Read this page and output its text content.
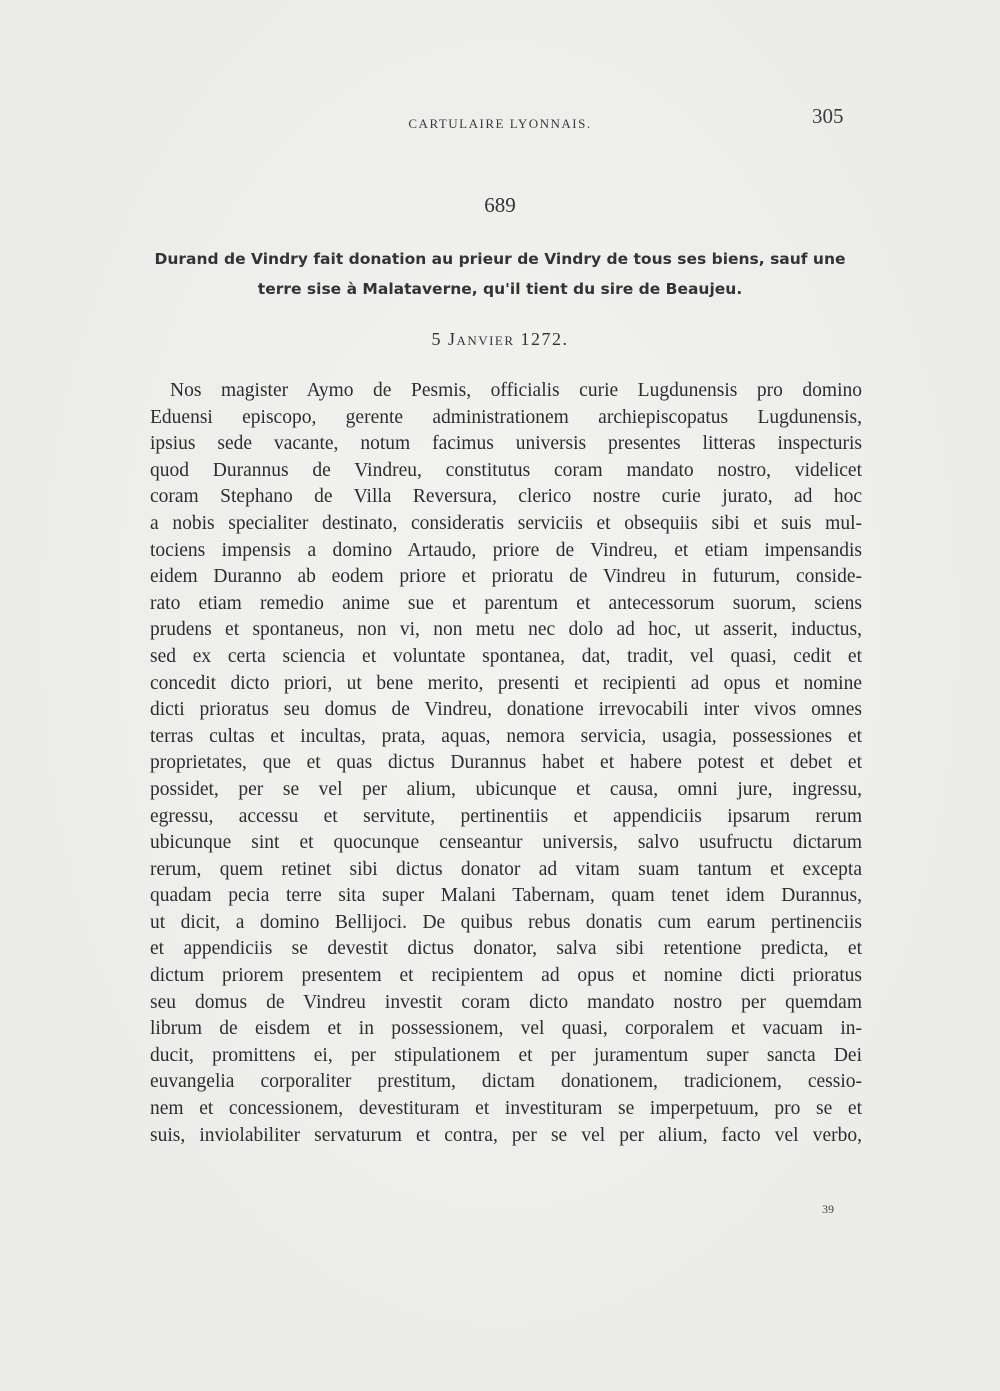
CARTULAIRE LYONNAIS.	305
689
Durand de Vindry fait donation au prieur de Vindry de tous ses biens, sauf une
terre sise à Malataverne, qu'il tient du sire de Beaujeu.
5 Janvier 1272.
Nos magister Aymo de Pesmis, officialis curie Lugdunensis pro domino
Eduensi episcopo, gerente administrationem archiepiscopatus Lugdunensis,
ipsius sede vacante, notum facimus universis presentes litteras inspecturis
quod Durannus de Vindreu, constitutus coram mandato nostro, videlicet
coram Stephano de Villa Reversura, clerico nostre curie jurato, ad hoc
a nobis specialiter destinato, consideratis serviciis et obsequiis sibi et suis mul-
tociens impensis a domino Artaudo, priore de Vindreu, et etiam impensandis
eidem Duranno ab eodem priore et prioratu de Vindreu in futurum, conside-
rato etiam remedio anime sue et parentum et antecessorum suorum, sciens
prudens et spontaneus, non vi, non metu nec dolo ad hoc, ut asserit, inductus,
sed ex certa sciencia et voluntate spontanea, dat, tradit, vel quasi, cedit et
concedit dicto priori, ut bene merito, presenti et recipienti ad opus et nomine
dicti prioratus seu domus de Vindreu, donatione irrevocabili inter vivos omnes
terras cultas et incultas, prata, aquas, nemora servicia, usagia, possessiones et
proprietates, que et quas dictus Durannus habet et habere potest et debet et
possidet, per se vel per alium, ubicunque et causa, omni jure, ingressu,
egressu, accessu et servitute, pertinentiis et appendiciis ipsarum rerum
ubicunque sint et quocunque censeantur universis, salvo usufructu dictarum
rerum, quem retinet sibi dictus donator ad vitam suam tantum et excepta
quadam pecia terre sita super Malani Tabernam, quam tenet idem Durannus,
ut dicit, a domino Bellijoci. De quibus rebus donatis cum earum pertinenciis
et appendiciis se devestit dictus donator, salva sibi retentione predicta, et
dictum priorem presentem et recipientem ad opus et nomine dicti prioratus
seu domus de Vindreu investit coram dicto mandato nostro per quemdam
librum de eisdem et in possessionem, vel quasi, corporalem et vacuam in-
ducit, promittens ei, per stipulationem et per juramentum super sancta Dei
euvangelia corporaliter prestitum, dictam donationem, tradicionem, cessio-
nem et concessionem, devestituram et investituram se imperpetuum, pro se et
suis, inviolabiliter servaturum et contra, per se vel per alium, facto vel verbo,
39
